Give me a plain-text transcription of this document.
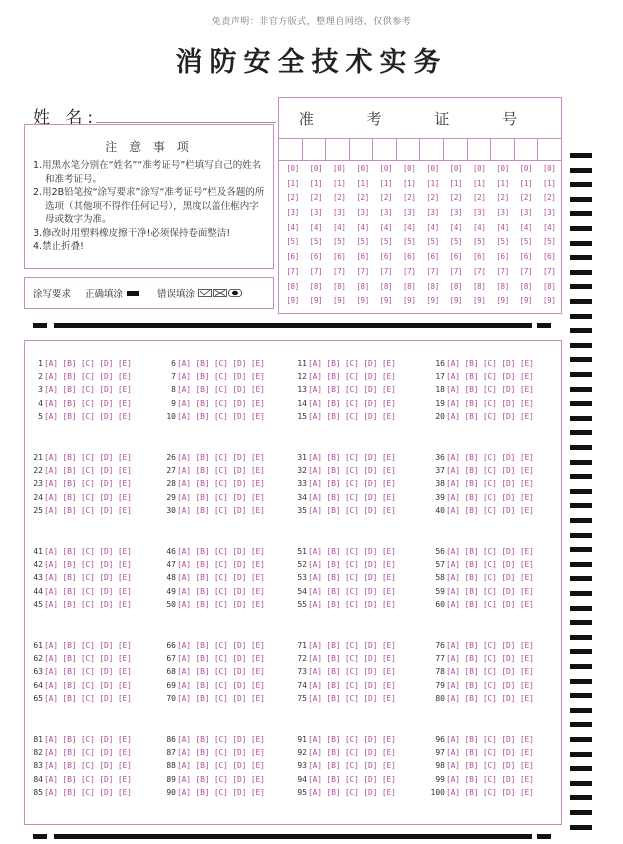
免责声明：非官方版式，整理自网络，仅供参考
消防安全技术实务
姓 名:
注 意 事 项
1.用黑水笔分别在“姓名”“准考证号”栏填写自己的姓名和准考证号。
2.用2B铅笔按“涂写要求”涂写“准考证号”栏及各题的所选项（其他项不得作任何记号），黑度以盖住框内字母或数字为准。
3.修改时用塑料橡皮擦干净!必须保持卷面整洁!
4.禁止折叠!
涂写要求 正确填涂	错误填涂
准 考 证 号
[0]
[1]
[2]
[3]
[4]
[5]
[6]
[7]
[8]
[9]
[0]
[1]
[2]
[3]
[4]
[5]
[6]
[7]
[8]
[9]
[0]
[1]
[2]
[3]
[4]
[5]
[6]
[7]
[8]
[9]
[0]
[1]
[2]
[3]
[4]
[5]
[6]
[7]
[8]
[9]
[0]
[1]
[2]
[3]
[4]
[5]
[6]
[7]
[8]
[9]
[0]
[1]
[2]
[3]
[4]
[5]
[6]
[7]
[8]
[9]
[0]
[1]
[2]
[3]
[4]
[5]
[6]
[7]
[8]
[9]
[0]
[1]
[2]
[3]
[4]
[5]
[6]
[7]
[8]
[9]
[0]
[1]
[2]
[3]
[4]
[5]
[6]
[7]
[8]
[9]
[0]
[1]
[2]
[3]
[4]
[5]
[6]
[7]
[8]
[9]
[0]
[1]
[2]
[3]
[4]
[5]
[6]
[7]
[8]
[9]
[0]
[1]
[2]
[3]
[4]
[5]
[6]
[7]
[8]
[9]
1[A] [B] [C] [D] [E]
2[A] [B] [C] [D] [E]
3[A] [B] [C] [D] [E]
4[A] [B] [C] [D] [E]
5[A] [B] [C] [D] [E]
6[A] [B] [C] [D] [E]
7[A] [B] [C] [D] [E]
8[A] [B] [C] [D] [E]
9[A] [B] [C] [D] [E]
10[A] [B] [C] [D] [E]
11[A] [B] [C] [D] [E]
12[A] [B] [C] [D] [E]
13[A] [B] [C] [D] [E]
14[A] [B] [C] [D] [E]
15[A] [B] [C] [D] [E]
16[A] [B] [C] [D] [E]
17[A] [B] [C] [D] [E]
18[A] [B] [C] [D] [E]
19[A] [B] [C] [D] [E]
20[A] [B] [C] [D] [E]
21[A] [B] [C] [D] [E]
22[A] [B] [C] [D] [E]
23[A] [B] [C] [D] [E]
24[A] [B] [C] [D] [E]
25[A] [B] [C] [D] [E]
26[A] [B] [C] [D] [E]
27[A] [B] [C] [D] [E]
28[A] [B] [C] [D] [E]
29[A] [B] [C] [D] [E]
30[A] [B] [C] [D] [E]
31[A] [B] [C] [D] [E]
32[A] [B] [C] [D] [E]
33[A] [B] [C] [D] [E]
34[A] [B] [C] [D] [E]
35[A] [B] [C] [D] [E]
36[A] [B] [C] [D] [E]
37[A] [B] [C] [D] [E]
38[A] [B] [C] [D] [E]
39[A] [B] [C] [D] [E]
40[A] [B] [C] [D] [E]
41[A] [B] [C] [D] [E]
42[A] [B] [C] [D] [E]
43[A] [B] [C] [D] [E]
44[A] [B] [C] [D] [E]
45[A] [B] [C] [D] [E]
46[A] [B] [C] [D] [E]
47[A] [B] [C] [D] [E]
48[A] [B] [C] [D] [E]
49[A] [B] [C] [D] [E]
50[A] [B] [C] [D] [E]
51[A] [B] [C] [D] [E]
52[A] [B] [C] [D] [E]
53[A] [B] [C] [D] [E]
54[A] [B] [C] [D] [E]
55[A] [B] [C] [D] [E]
56[A] [B] [C] [D] [E]
57[A] [B] [C] [D] [E]
58[A] [B] [C] [D] [E]
59[A] [B] [C] [D] [E]
60[A] [B] [C] [D] [E]
61[A] [B] [C] [D] [E]
62[A] [B] [C] [D] [E]
63[A] [B] [C] [D] [E]
64[A] [B] [C] [D] [E]
65[A] [B] [C] [D] [E]
66[A] [B] [C] [D] [E]
67[A] [B] [C] [D] [E]
68[A] [B] [C] [D] [E]
69[A] [B] [C] [D] [E]
70[A] [B] [C] [D] [E]
71[A] [B] [C] [D] [E]
72[A] [B] [C] [D] [E]
73[A] [B] [C] [D] [E]
74[A] [B] [C] [D] [E]
75[A] [B] [C] [D] [E]
76[A] [B] [C] [D] [E]
77[A] [B] [C] [D] [E]
78[A] [B] [C] [D] [E]
79[A] [B] [C] [D] [E]
80[A] [B] [C] [D] [E]
81[A] [B] [C] [D] [E]
82[A] [B] [C] [D] [E]
83[A] [B] [C] [D] [E]
84[A] [B] [C] [D] [E]
85[A] [B] [C] [D] [E]
86[A] [B] [C] [D] [E]
87[A] [B] [C] [D] [E]
88[A] [B] [C] [D] [E]
89[A] [B] [C] [D] [E]
90[A] [B] [C] [D] [E]
91[A] [B] [C] [D] [E]
92[A] [B] [C] [D] [E]
93[A] [B] [C] [D] [E]
94[A] [B] [C] [D] [E]
95[A] [B] [C] [D] [E]
96[A] [B] [C] [D] [E]
97[A] [B] [C] [D] [E]
98[A] [B] [C] [D] [E]
99[A] [B] [C] [D] [E]
100[A] [B] [C] [D] [E]
